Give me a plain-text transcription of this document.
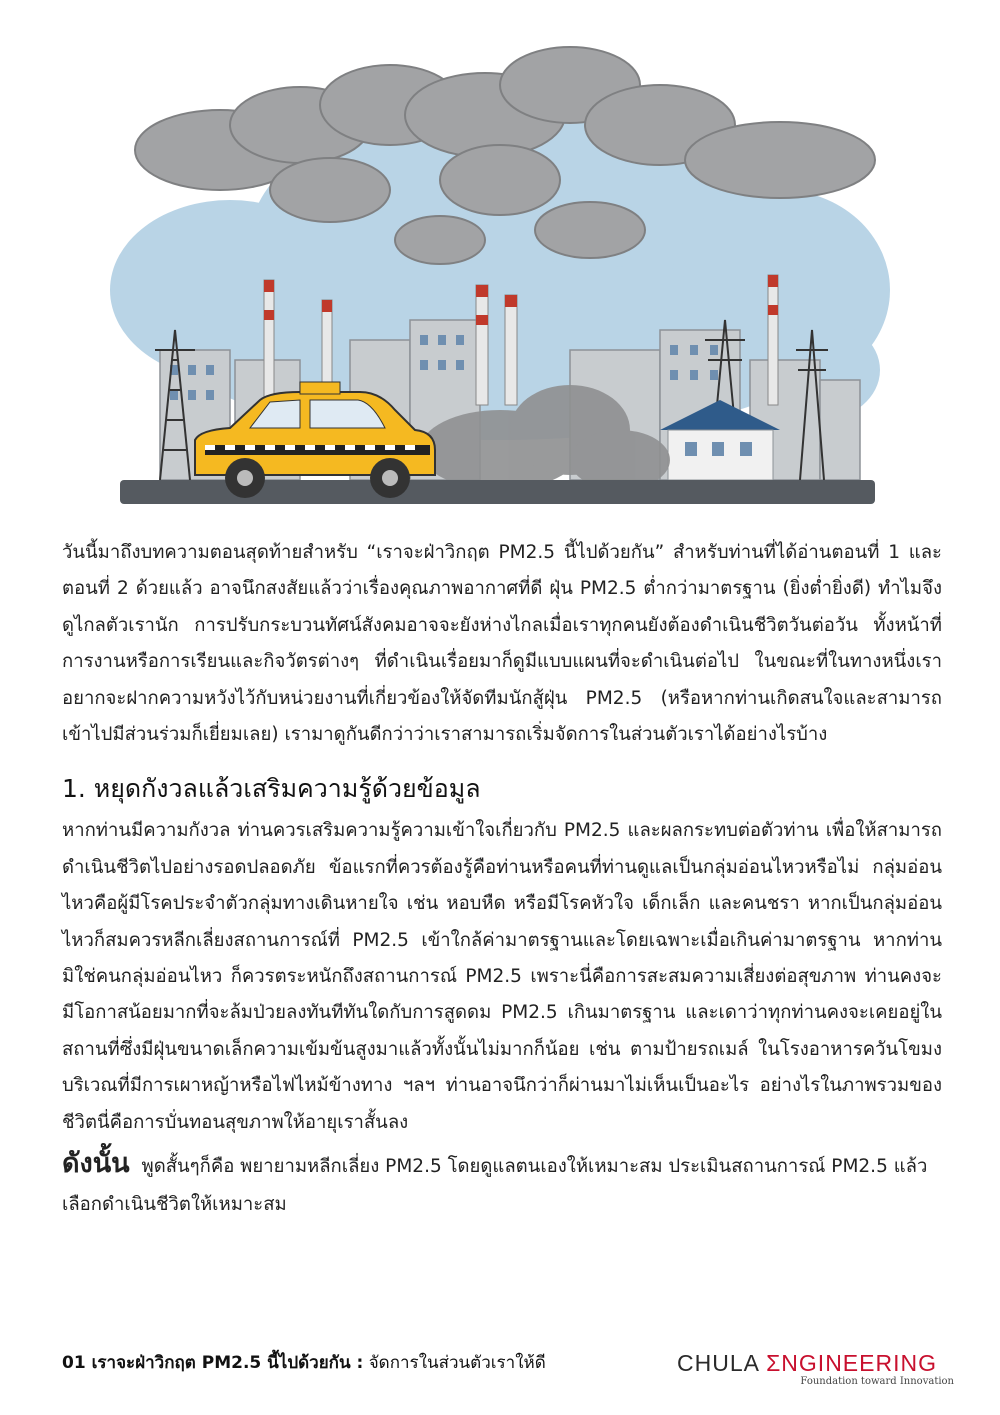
วันนี้มาถึงบทความตอนสุดท้ายสำหรับ “เราจะฝ่าวิกฤต PM2.5 นี้ไปด้วยกัน” สำหรับท่านที่ได้อ่านตอนที่ 1 และ ตอนที่ 2 ด้วยแล้ว อาจนึกสงสัยแล้วว่าเรื่องคุณภาพอากาศที่ดี ฝุ่น PM2.5 ต่ำกว่ามาตรฐาน (ยิ่งต่ำยิ่งดี) ทำไมจึงดูไกลตัวเรานัก การปรับกระบวนทัศน์สังคมอาจจะยังห่างไกลเมื่อเราทุกคนยังต้องดำเนินชีวิตวันต่อวัน ทั้งหน้าที่การงานหรือการเรียนและกิจวัตรต่างๆ ที่ดำเนินเรื่อยมาก็ดูมีแบบแผนที่จะดำเนินต่อไป ในขณะที่ในทางหนึ่งเราอยากจะฝากความหวังไว้กับหน่วยงานที่เกี่ยวข้องให้จัดทีมนักสู้ฝุ่น PM2.5 (หรือหากท่านเกิดสนใจและสามารถเข้าไปมีส่วนร่วมก็เยี่ยมเลย) เรามาดูกันดีกว่าว่าเราสามารถเริ่มจัดการในส่วนตัวเราได้อย่างไรบ้าง

1. หยุดกังวลแล้วเสริมความรู้ด้วยข้อมูล

หากท่านมีความกังวล ท่านควรเสริมความรู้ความเข้าใจเกี่ยวกับ PM2.5 และผลกระทบต่อตัวท่าน เพื่อให้สามารถดำเนินชีวิตไปอย่างรอดปลอดภัย ข้อแรกที่ควรต้องรู้คือท่านหรือคนที่ท่านดูแลเป็นกลุ่มอ่อนไหวหรือไม่ กลุ่มอ่อนไหวคือผู้มีโรคประจำตัวกลุ่มทางเดินหายใจ เช่น หอบหืด หรือมีโรคหัวใจ เด็กเล็ก และคนชรา หากเป็นกลุ่มอ่อนไหวก็สมควรหลีกเลี่ยงสถานการณ์ที่ PM2.5 เข้าใกล้ค่ามาตรฐานและโดยเฉพาะเมื่อเกินค่ามาตรฐาน หากท่านมิใช่คนกลุ่มอ่อนไหว ก็ควรตระหนักถึงสถานการณ์ PM2.5 เพราะนี่คือการสะสมความเสี่ยงต่อสุขภาพ ท่านคงจะมีโอกาสน้อยมากที่จะล้มป่วยลงทันทีทันใดกับการสูดดม PM2.5 เกินมาตรฐาน และเดาว่าทุกท่านคงจะเคยอยู่ในสถานที่ซึ่งมีฝุ่นขนาดเล็กความเข้มข้นสูงมาแล้วทั้งนั้นไม่มากก็น้อย เช่น ตามป้ายรถเมล์ ในโรงอาหารควันโขมง บริเวณที่มีการเผาหญ้าหรือไฟไหม้ข้างทาง ฯลฯ ท่านอาจนึกว่าก็ผ่านมาไม่เห็นเป็นอะไร อย่างไรในภาพรวมของชีวิตนี่คือการบั่นทอนสุขภาพให้อายุเราสั้นลง

ดังนั้น พูดสั้นๆก็คือ พยายามหลีกเลี่ยง PM2.5 โดยดูแลตนเองให้เหมาะสม ประเมินสถานการณ์ PM2.5 แล้วเลือกดำเนินชีวิตให้เหมาะสม

01 เราจะฝ่าวิกฤต PM2.5 นี้ไปด้วยกัน : จัดการในส่วนตัวเราให้ดี	CHULA ΣNGINEERING
Foundation toward Innovation
